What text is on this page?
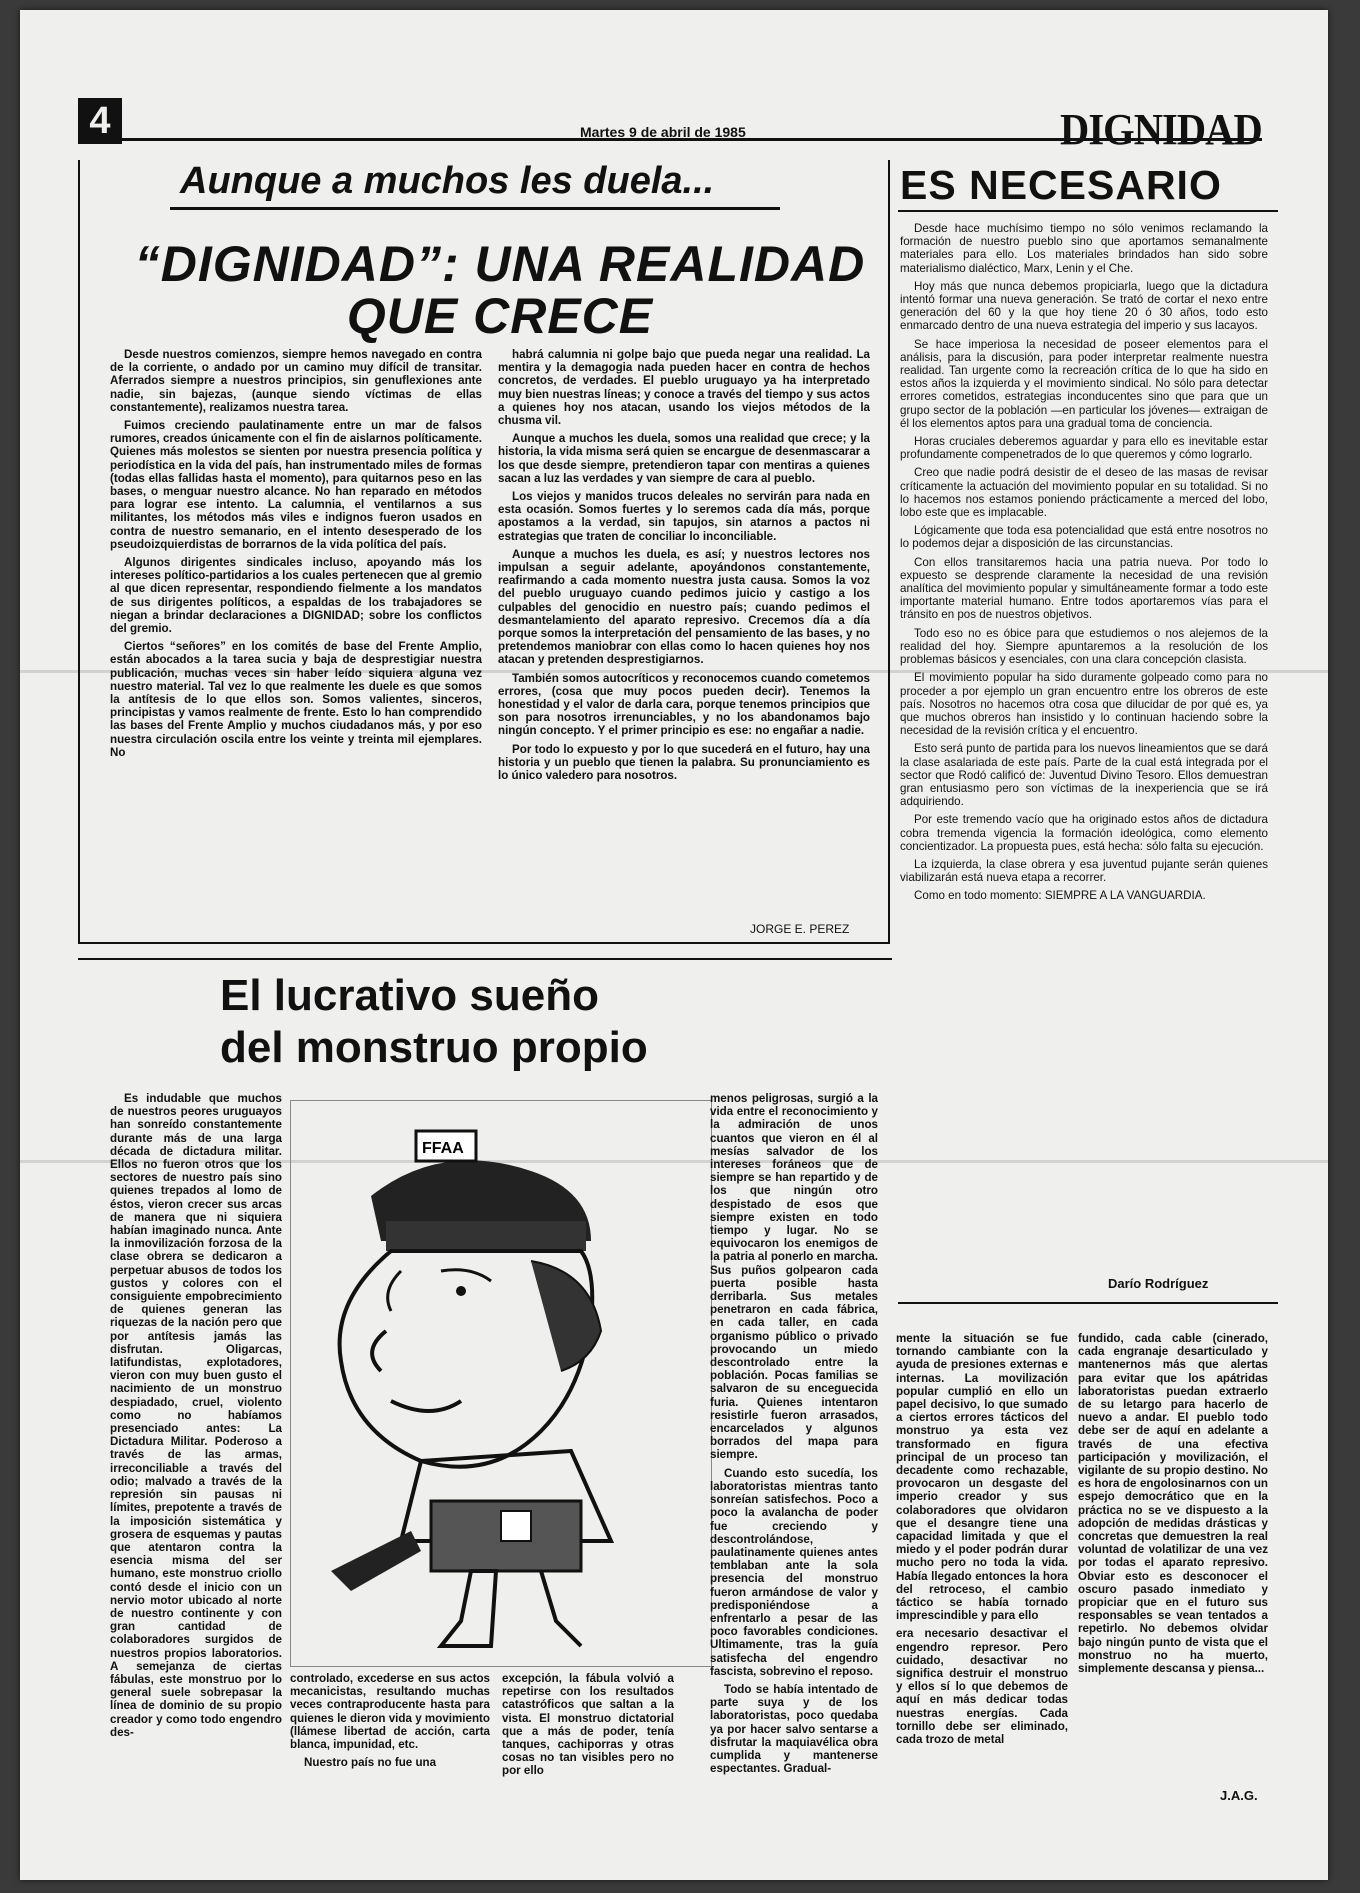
4	Martes 9 de abril de 1985	DIGNIDAD
Aunque a muchos les duela...
“DIGNIDAD”: UNA REALIDAD
QUE CRECE

Desde nuestros comienzos, siempre hemos navegado en contra de la corriente, o andado por un camino muy difícil de transitar. Aferrados siempre a nuestros principios, sin genuflexiones ante nadie, sin bajezas, (aunque siendo víctimas de ellas constantemente), realizamos nuestra tarea.

Fuimos creciendo paulatinamente entre un mar de falsos rumores, creados únicamente con el fin de aislarnos políticamente. Quienes más molestos se sienten por nuestra presencia política y periodística en la vida del país, han instrumentado miles de formas (todas ellas fallidas hasta el momento), para quitarnos peso en las bases, o menguar nuestro alcance. No han reparado en métodos para lograr ese intento. La calumnia, el ventilarnos a sus militantes, los métodos más viles e indignos fueron usados en contra de nuestro semanario, en el intento desesperado de los pseudoizquierdistas de borrarnos de la vida política del país.

Algunos dirigentes sindicales incluso, apoyando más los intereses político-partidarios a los cuales pertenecen que al gremio al que dicen representar, respondiendo fielmente a los mandatos de sus dirigentes políticos, a espaldas de los trabajadores se niegan a brindar declaraciones a DIGNIDAD; sobre los conflictos del gremio.

Ciertos “señores” en los comités de base del Frente Amplio, están abocados a la tarea sucia y baja de desprestigiar nuestra publicación, muchas veces sin haber leído siquiera alguna vez nuestro material. Tal vez lo que realmente les duele es que somos la antítesis de lo que ellos son. Somos valientes, sinceros, principistas y vamos realmente de frente. Esto lo han comprendido las bases del Frente Amplio y muchos ciudadanos más, y por eso nuestra circulación oscila entre los veinte y treinta mil ejemplares. No

habrá calumnia ni golpe bajo que pueda negar una realidad. La mentira y la demagogia nada pueden hacer en contra de hechos concretos, de verdades. El pueblo uruguayo ya ha interpretado muy bien nuestras líneas; y conoce a través del tiempo y sus actos a quienes hoy nos atacan, usando los viejos métodos de la chusma vil.

Aunque a muchos les duela, somos una realidad que crece; y la historia, la vida misma será quien se encargue de desenmascarar a los que desde siempre, pretendieron tapar con mentiras a quienes sacan a luz las verdades y van siempre de cara al pueblo.

Los viejos y manidos trucos deleales no servirán para nada en esta ocasión. Somos fuertes y lo seremos cada día más, porque apostamos a la verdad, sin tapujos, sin atarnos a pactos ni estrategias que traten de conciliar lo inconciliable.

Aunque a muchos les duela, es así; y nuestros lectores nos impulsan a seguir adelante, apoyándonos constantemente, reafirmando a cada momento nuestra justa causa. Somos la voz del pueblo uruguayo cuando pedimos juicio y castigo a los culpables del genocidio en nuestro país; cuando pedimos el desmantelamiento del aparato represivo. Crecemos día a día porque somos la interpretación del pensamiento de las bases, y no pretendemos maniobrar con ellas como lo hacen quienes hoy nos atacan y pretenden desprestigiarnos.

También somos autocríticos y reconocemos cuando cometemos errores, (cosa que muy pocos pueden decir). Tenemos la honestidad y el valor de darla cara, porque tenemos principios que son para nosotros irrenunciables, y no los abandonamos bajo ningún concepto. Y el primer principio es ese: no engañar a nadie.

Por todo lo expuesto y por lo que sucederá en el futuro, hay una historia y un pueblo que tienen la palabra. Su pronunciamiento es lo único valedero para nosotros.

JORGE E. PEREZ
ES NECESARIO

Desde hace muchísimo tiempo no sólo venimos reclamando la formación de nuestro pueblo sino que aportamos semanalmente materiales para ello. Los materiales brindados han sido sobre materialismo dialéctico, Marx, Lenin y el Che.

Hoy más que nunca debemos propiciarla, luego que la dictadura intentó formar una nueva generación. Se trató de cortar el nexo entre generación del 60 y la que hoy tiene 20 ó 30 años, todo esto enmarcado dentro de una nueva estrategia del imperio y sus lacayos.

Se hace imperiosa la necesidad de poseer elementos para el análisis, para la discusión, para poder interpretar realmente nuestra realidad. Tan urgente como la recreación crítica de lo que ha sido en estos años la izquierda y el movimiento sindical. No sólo para detectar errores cometidos, estrategias inconducentes sino que para que un grupo sector de la población —en particular los jóvenes— extraigan de él los elementos aptos para una gradual toma de conciencia.

Horas cruciales deberemos aguardar y para ello es inevitable estar profundamente compenetrados de lo que queremos y cómo lograrlo.

Creo que nadie podrá desistir de el deseo de las masas de revisar críticamente la actuación del movimiento popular en su totalidad. Si no lo hacemos nos estamos poniendo prácticamente a merced del lobo, lobo este que es implacable.

Lógicamente que toda esa potencialidad que está entre nosotros no lo podemos dejar a disposición de las circunstancias.

Con ellos transitaremos hacia una patria nueva. Por todo lo expuesto se desprende claramente la necesidad de una revisión analítica del movimiento popular y simultáneamente formar a todo este importante material humano. Entre todos aportaremos vías para el tránsito en pos de nuestros objetivos.

Todo eso no es óbice para que estudiemos o nos alejemos de la realidad del hoy. Siempre apuntaremos a la resolución de los problemas básicos y esenciales, con una clara concepción clasista.

El movimiento popular ha sido duramente golpeado como para no proceder a por ejemplo un gran encuentro entre los obreros de este país. Nosotros no hacemos otra cosa que dilucidar de por qué es, ya que muchos obreros han insistido y lo continuan haciendo sobre la necesidad de la revisión crítica y el encuentro.

Esto será punto de partida para los nuevos lineamientos que se dará la clase asalariada de este país. Parte de la cual está integrada por el sector que Rodó calificó de: Juventud Divino Tesoro. Ellos demuestran gran entusiasmo pero son víctimas de la inexperiencia que se irá adquiriendo.

Por este tremendo vacío que ha originado estos años de dictadura cobra tremenda vigencia la formación ideológica, como elemento concientizador. La propuesta pues, está hecha: sólo falta su ejecución.

La izquierda, la clase obrera y esa juventud pujante serán quienes viabilizarán está nueva etapa a recorrer.

Como en todo momento: SIEMPRE A LA VANGUARDIA.

Darío Rodríguez
El lucrativo sueño
del monstruo propio

Es indudable que muchos de nuestros peores uruguayos han sonreído constantemente durante más de una larga década de dictadura militar. Ellos no fueron otros que los sectores de nuestro país sino quienes trepados al lomo de éstos, vieron crecer sus arcas de manera que ni siquiera habían imaginado nunca. Ante la inmovilización forzosa de la clase obrera se dedicaron a perpetuar abusos de todos los gustos y colores con el consiguiente empobrecimiento de quienes generan las riquezas de la nación pero que por antítesis jamás las disfrutan. Oligarcas, latifundistas, explotadores, vieron con muy buen gusto el nacimiento de un monstruo despiadado, cruel, violento como no habíamos presenciado antes: La Dictadura Militar. Poderoso a través de las armas, irreconciliable a través del odio; malvado a través de la represión sin pausas ni límites, prepotente a través de la imposición sistemática y grosera de esquemas y pautas que atentaron contra la esencia misma del ser humano, este monstruo criollo contó desde el inicio con un nervio motor ubicado al norte de nuestro continente y con gran cantidad de colaboradores surgidos de nuestros propios laboratorios. A semejanza de ciertas fábulas, este monstruo por lo general suele sobrepasar la línea de dominio de su propio creador y como todo engendro des-

FFAA

controlado, excederse en sus actos mecanicistas, resultando muchas veces contraproducente hasta para quienes le dieron vida y movimiento (llámese libertad de acción, carta blanca, impunidad, etc.

Nuestro país no fue una

excepción, la fábula volvió a repetirse con los resultados catastróficos que saltan a la vista. El monstruo dictatorial que a más de poder, tenía tanques, cachiporras y otras cosas no tan visibles pero no por ello

menos peligrosas, surgió a la vida entre el reconocimiento y la admiración de unos cuantos que vieron en él al mesías salvador de los intereses foráneos que de siempre se han repartido y de los que ningún otro despistado de esos que siempre existen en todo tiempo y lugar. No se equivocaron los enemigos de la patria al ponerlo en marcha. Sus puños golpearon cada puerta posible hasta derribarla. Sus metales penetraron en cada fábrica, en cada taller, en cada organismo público o privado provocando un miedo descontrolado entre la población. Pocas familias se salvaron de su enceguecida furia. Quienes intentaron resistirle fueron arrasados, encarcelados y algunos borrados del mapa para siempre.

Cuando esto sucedía, los laboratoristas mientras tanto sonreían satisfechos. Poco a poco la avalancha de poder fue creciendo y descontrolándose, paulatinamente quienes antes temblaban ante la sola presencia del monstruo fueron armándose de valor y predisponiéndose a enfrentarlo a pesar de las poco favorables condiciones. Ultimamente, tras la guía satisfecha del engendro fascista, sobrevino el reposo.

Todo se había intentado de parte suya y de los laboratoristas, poco quedaba ya por hacer salvo sentarse a disfrutar la maquiavélica obra cumplida y mantenerse espectantes. Gradual-

mente la situación se fue tornando cambiante con la ayuda de presiones externas e internas. La movilización popular cumplió en ello un papel decisivo, lo que sumado a ciertos errores tácticos del monstruo ya esta vez transformado en figura principal de un proceso tan decadente como rechazable, provocaron un desgaste del imperio creador y sus colaboradores que olvidaron que el desangre tiene una capacidad limitada y que el miedo y el poder podrán durar mucho pero no toda la vida. Había llegado entonces la hora del retroceso, el cambio táctico se había tornado imprescindible y para ello

era necesario desactivar el engendro represor. Pero cuidado, desactivar no significa destruir el monstruo y ellos sí lo que debemos de aquí en más dedicar todas nuestras energías. Cada tornillo debe ser eliminado, cada trozo de metal

fundido, cada cable (cinerado, cada engranaje desarticulado y mantenernos más que alertas para evitar que los apátridas laboratoristas puedan extraerlo de su letargo para hacerlo de nuevo a andar. El pueblo todo debe ser de aquí en adelante a través de una efectiva participación y movilización, el vigilante de su propio destino. No es hora de engolosinarnos con un espejo democrático que en la práctica no se ve dispuesto a la adopción de medidas drásticas y concretas que demuestren la real voluntad de volatilizar de una vez por todas el aparato represivo. Obviar esto es desconocer el oscuro pasado inmediato y propiciar que en el futuro sus responsables se vean tentados a repetirlo. No debemos olvidar bajo ningún punto de vista que el monstruo no ha muerto, simplemente descansa y piensa...

J.A.G.
